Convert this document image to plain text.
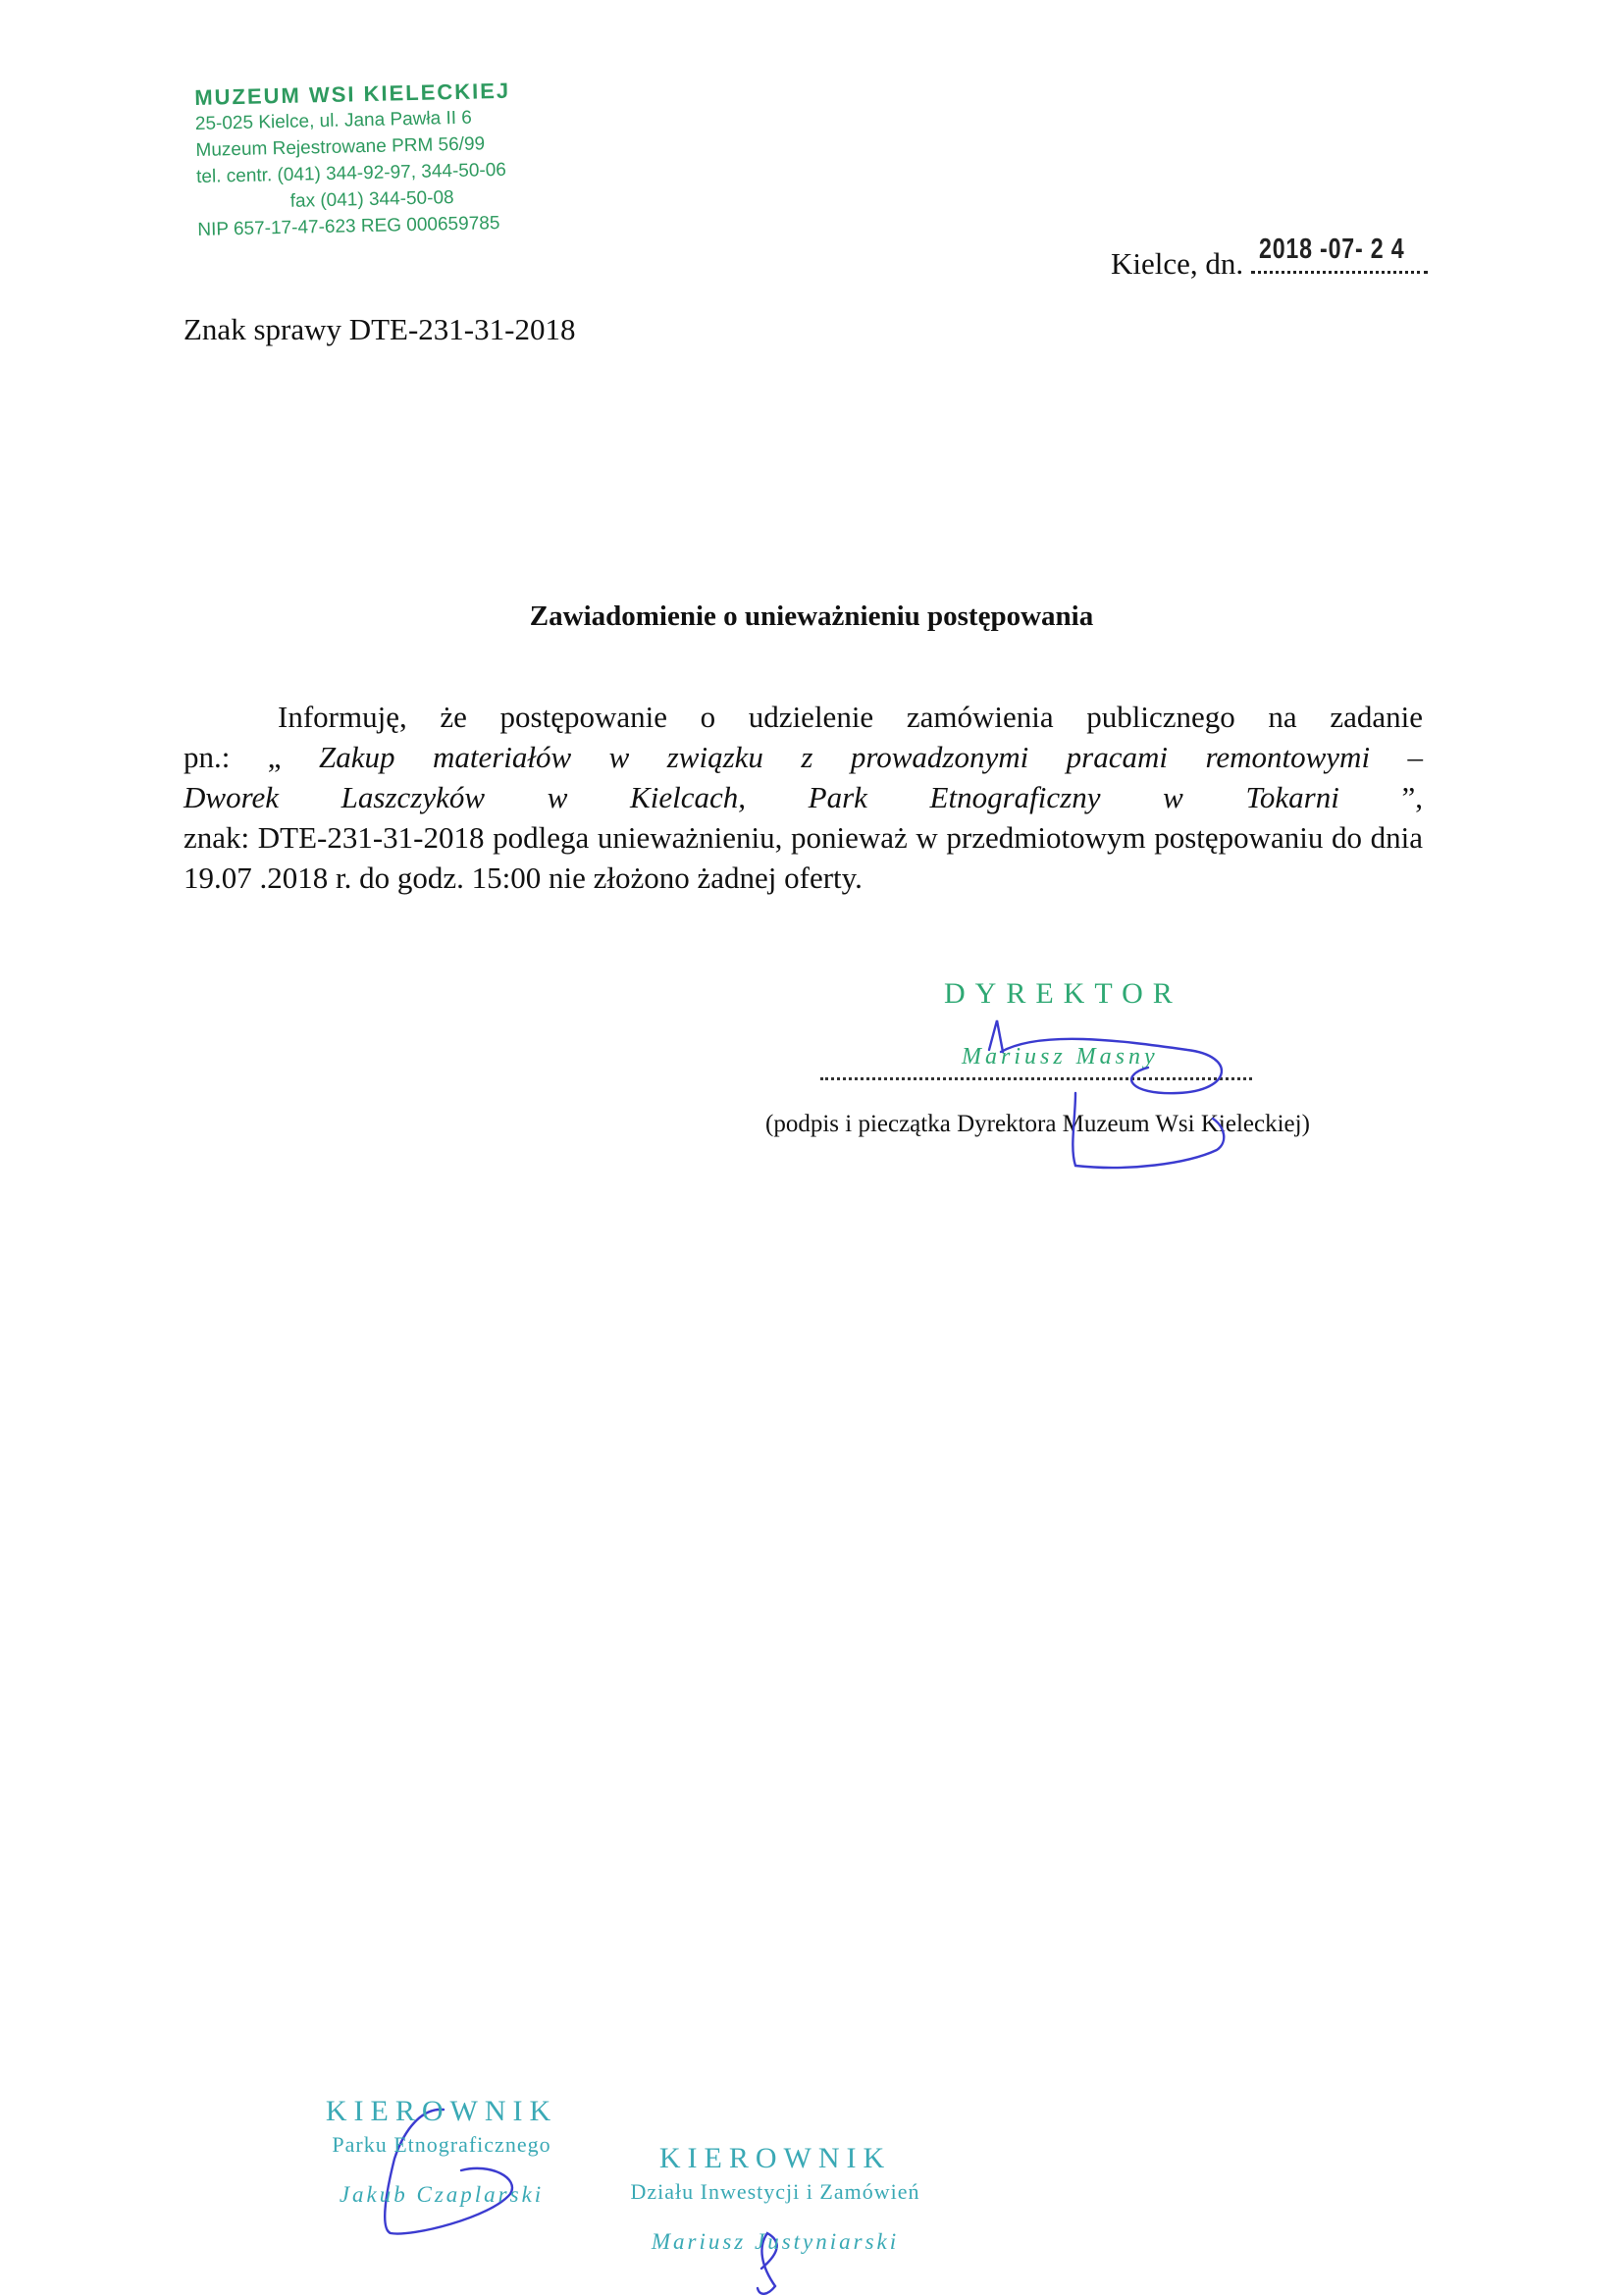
MUZEUM WSI KIELECKIEJ
25-025 Kielce, ul. Jana Pawła II 6
Muzeum Rejestrowane PRM 56/99
tel. centr. (041) 344-92-97, 344-50-06
fax (041) 344-50-08
NIP 657-17-47-623 REG 000659785
Kielce, dn. 2018 -07- 2 4
Znak sprawy DTE-231-31-2018
Zawiadomienie o unieważnieniu postępowania

Informuję, że postępowanie o udzielenie zamówienia publicznego na zadanie

pn.: „ Zakup materiałów w związku z prowadzonymi pracami remontowymi –

Dworek Laszczyków w Kielcach, Park Etnograficzny w Tokarni ”,

znak: DTE-231-31-2018 podlega unieważnieniu, ponieważ w przedmiotowym postępowaniu do dnia 19.07 .2018 r. do godz. 15:00 nie złożono żadnej oferty.

DYREKTOR
Mariusz Masny
(podpis i pieczątka Dyrektora Muzeum Wsi Kieleckiej)
KIEROWNIK
Parku Etnograficznego
Jakub Czaplarski
KIEROWNIK
Działu Inwestycji i Zamówień
Mariusz Justyniarski
